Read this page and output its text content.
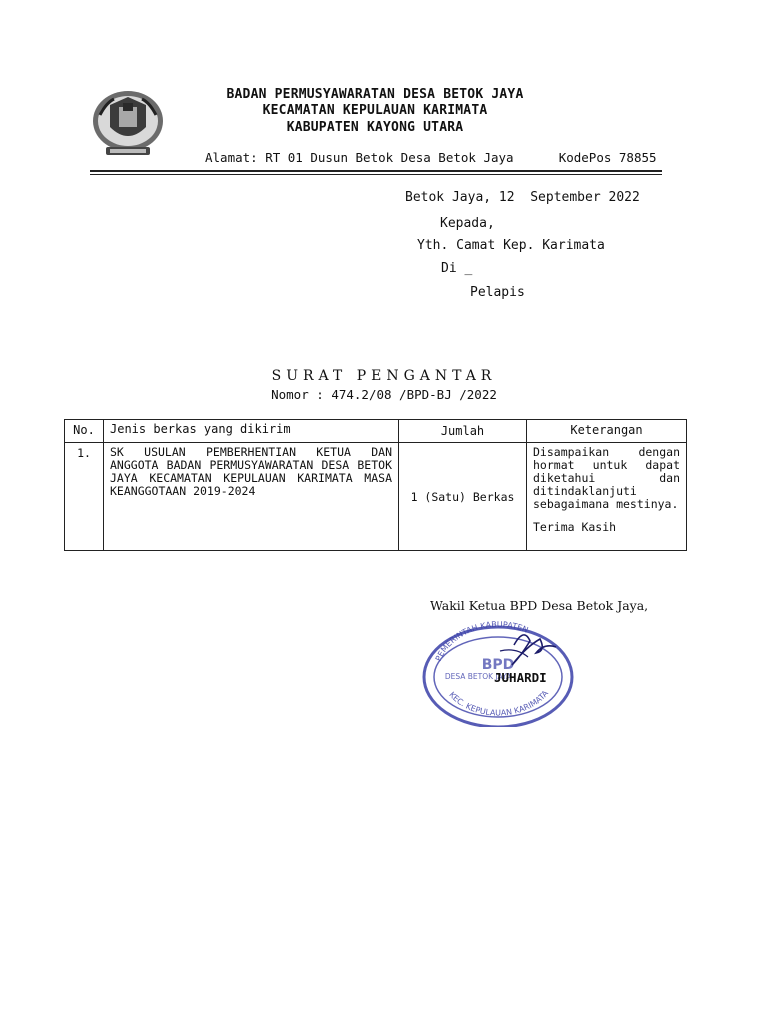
BADAN PERMUSYAWARATAN DESA BETOK JAYA
KECAMATAN KEPULAUAN KARIMATA
KABUPATEN KAYONG UTARA
Alamat: RT 01 Dusun Betok Desa Betok Jaya      KodePos 78855
Betok Jaya, 12  September 2022
Kepada,
Yth. Camat Kep. Karimata
Di _
Pelapis
SURAT PENGANTAR
Nomor : 474.2/08 /BPD-BJ /2022
No.	Jenis berkas yang dikirim	Jumlah	Keterangan
1.	SK USULAN PEMBERHENTIAN KETUA DAN ANGGOTA BADAN PERMUSYAWARATAN DESA BETOK JAYA KECAMATAN KEPULAUAN KARIMATA MASA KEANGGOTAAN 2019-2024	1 (Satu) Berkas	Disampaikan dengan hormat untuk dapat diketahui dan ditindaklanjuti sebagaimana mestinya.

Terima Kasih

Wakil Ketua BPD Desa Betok Jaya,
PEMERINTAH KABUPATEN
KEC. KEPULAUAN KARIMATA
BPD
DESA BETOK JAYA
JUHARDI
